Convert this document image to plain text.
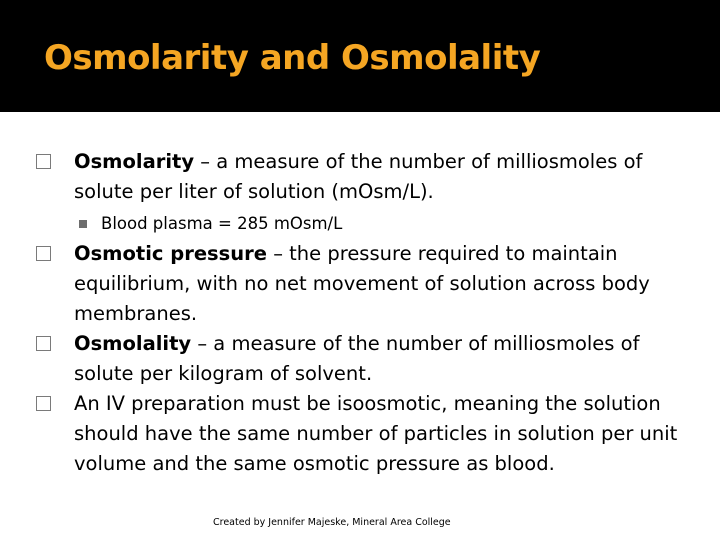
Osmolarity and Osmolality
Osmolarity – a measure of the number of milliosmoles of solute per liter of solution (mOsm/L).
Blood plasma = 285 mOsm/L
Osmotic pressure – the pressure required to maintain equilibrium, with no net movement of solution across body membranes.
Osmolality – a measure of the number of milliosmoles of solute per kilogram of solvent.
An IV preparation must be isoosmotic, meaning the solution should have the same number of particles in solution per unit volume and the same osmotic pressure as blood.
Created by Jennifer Majeske, Mineral Area College
